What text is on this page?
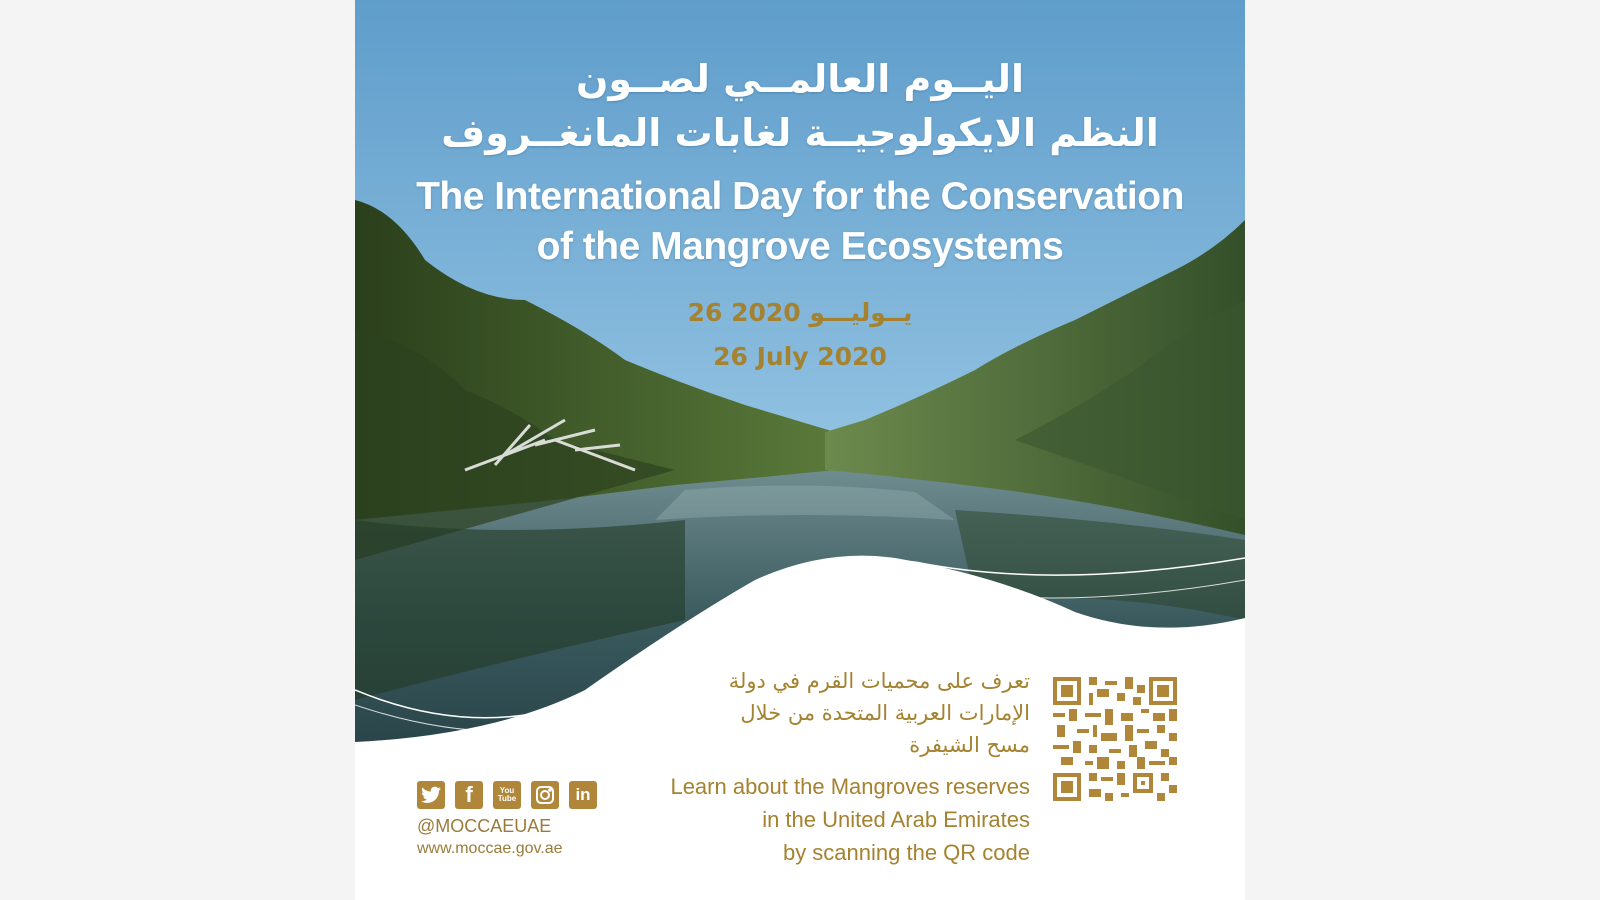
اليــوم العالمــي لصــون
النظم الايكولوجيــة لغابات المانغــروف
The International Day for the Conservation
of the Mangrove Ecosystems
26 يــوليـــو 2020
26 July 2020
تعرف على محميات القرم في دولة
الإمارات العربية المتحدة من خلال
مسح الشيفرة
Learn about the Mangroves reserves
in the United Arab Emirates
by scanning the QR code
f	You Tube	in
@MOCCAEUAE
www.moccae.gov.ae
